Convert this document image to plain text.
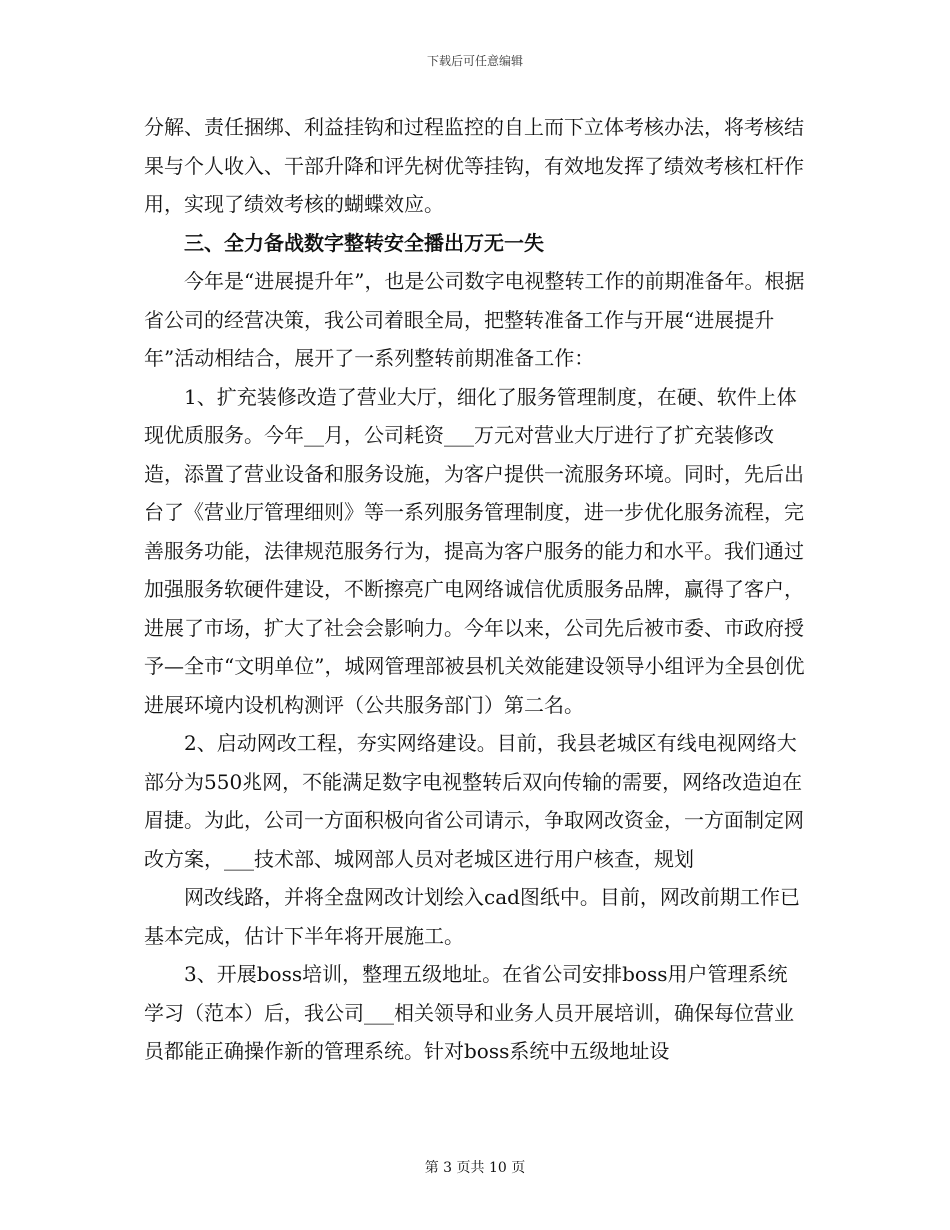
下载后可任意编辑

分解、责任捆绑、利益挂钩和过程监控的自上而下立体考核办法，将考核结果与个人收入、干部升降和评先树优等挂钩，有效地发挥了绩效考核杠杆作用，实现了绩效考核的蝴蝶效应。

三、全力备战数字整转安全播出万无一失

今年是“进展提升年”，也是公司数字电视整转工作的前期准备年。根据省公司的经营决策，我公司着眼全局，把整转准备工作与开展“进展提升年”活动相结合，展开了一系列整转前期准备工作：

1、扩充装修改造了营业大厅，细化了服务管理制度，在硬、软件上体现优质服务。今年__月，公司耗资___万元对营业大厅进行了扩充装修改造，添置了营业设备和服务设施，为客户提供一流服务环境。同时，先后出台了《营业厅管理细则》等一系列服务管理制度，进一步优化服务流程，完善服务功能，法律规范服务行为，提高为客户服务的能力和水平。我们通过加强服务软硬件建设，不断擦亮广电网络诚信优质服务品牌，赢得了客户，进展了市场，扩大了社会会影响力。今年以来，公司先后被市委、市政府授予—全市“文明单位”，城网管理部被县机关效能建设领导小组评为全县创优进展环境内设机构测评（公共服务部门）第二名。

2、启动网改工程，夯实网络建设。目前，我县老城区有线电视网络大部分为550兆网，不能满足数字电视整转后双向传输的需要，网络改造迫在眉捷。为此，公司一方面积极向省公司请示，争取网改资金，一方面制定网改方案，___技术部、城网部人员对老城区进行用户核查，规划

网改线路，并将全盘网改计划绘入cad图纸中。目前，网改前期工作已基本完成，估计下半年将开展施工。

3、开展boss培训，整理五级地址。在省公司安排boss用户管理系统学习（范本）后，我公司___相关领导和业务人员开展培训，确保每位营业员都能正确操作新的管理系统。针对boss系统中五级地址设

第 3 页共 10 页
